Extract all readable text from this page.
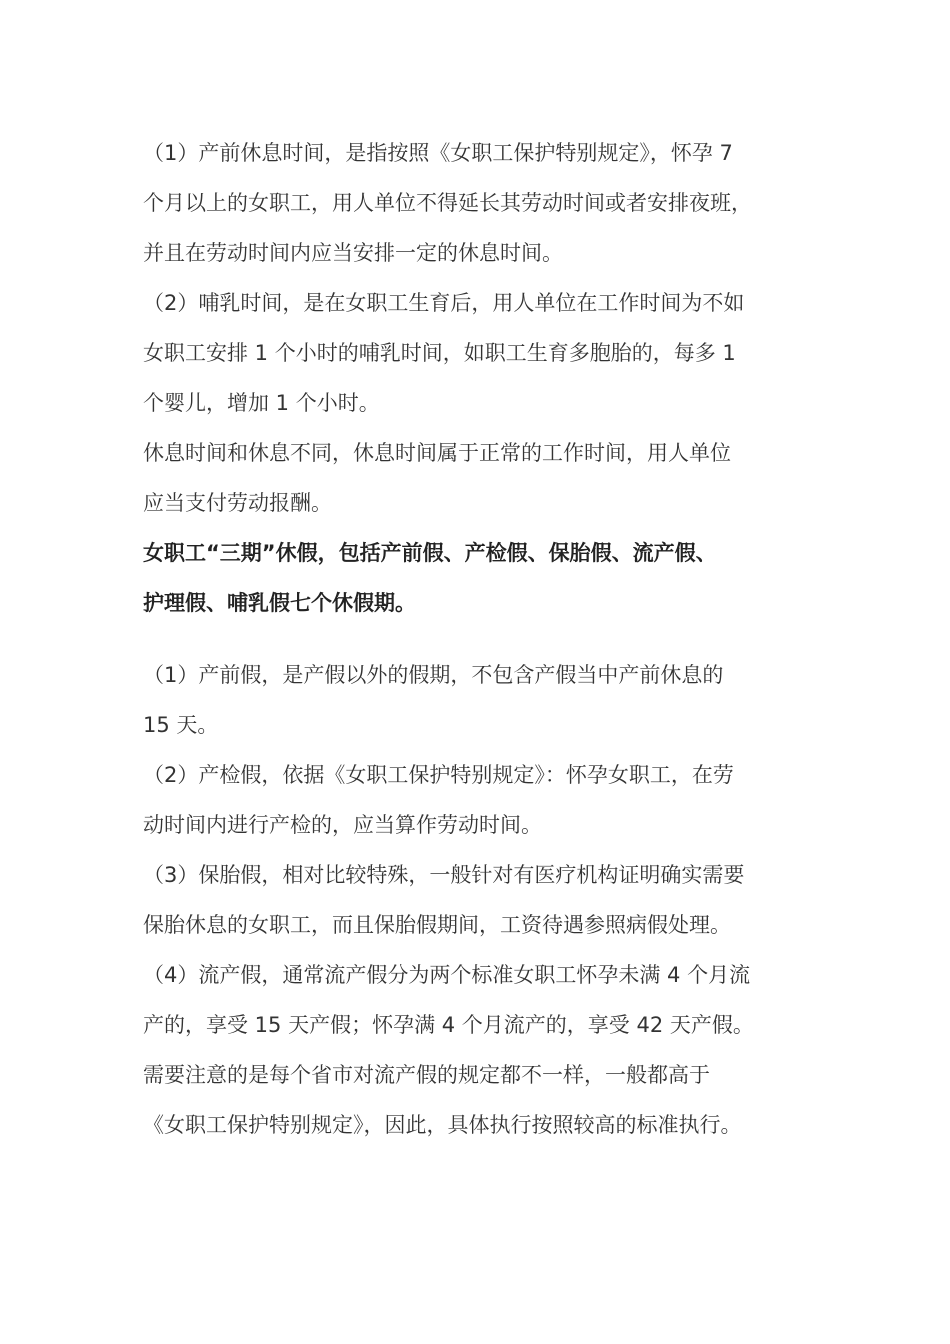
（1）产前休息时间，是指按照《女职工保护特别规定》，怀孕 7
个月以上的女职工，用人单位不得延长其劳动时间或者安排夜班，
并且在劳动时间内应当安排一定的休息时间。
（2）哺乳时间，是在女职工生育后，用人单位在工作时间为不如
女职工安排 1 个小时的哺乳时间，如职工生育多胞胎的，每多 1
个婴儿，增加 1 个小时。
休息时间和休息不同，休息时间属于正常的工作时间，用人单位
应当支付劳动报酬。
女职工“三期”休假，包括产前假、产检假、保胎假、流产假、
护理假、哺乳假七个休假期。
（1）产前假，是产假以外的假期，不包含产假当中产前休息的
15 天。
（2）产检假，依据《女职工保护特别规定》：怀孕女职工，在劳
动时间内进行产检的，应当算作劳动时间。
（3）保胎假，相对比较特殊，一般针对有医疗机构证明确实需要
保胎休息的女职工，而且保胎假期间，工资待遇参照病假处理。
（4）流产假，通常流产假分为两个标准女职工怀孕未满 4 个月流
产的，享受 15 天产假；怀孕满 4 个月流产的，享受 42 天产假。
需要注意的是每个省市对流产假的规定都不一样，一般都高于
《女职工保护特别规定》，因此，具体执行按照较高的标准执行。
